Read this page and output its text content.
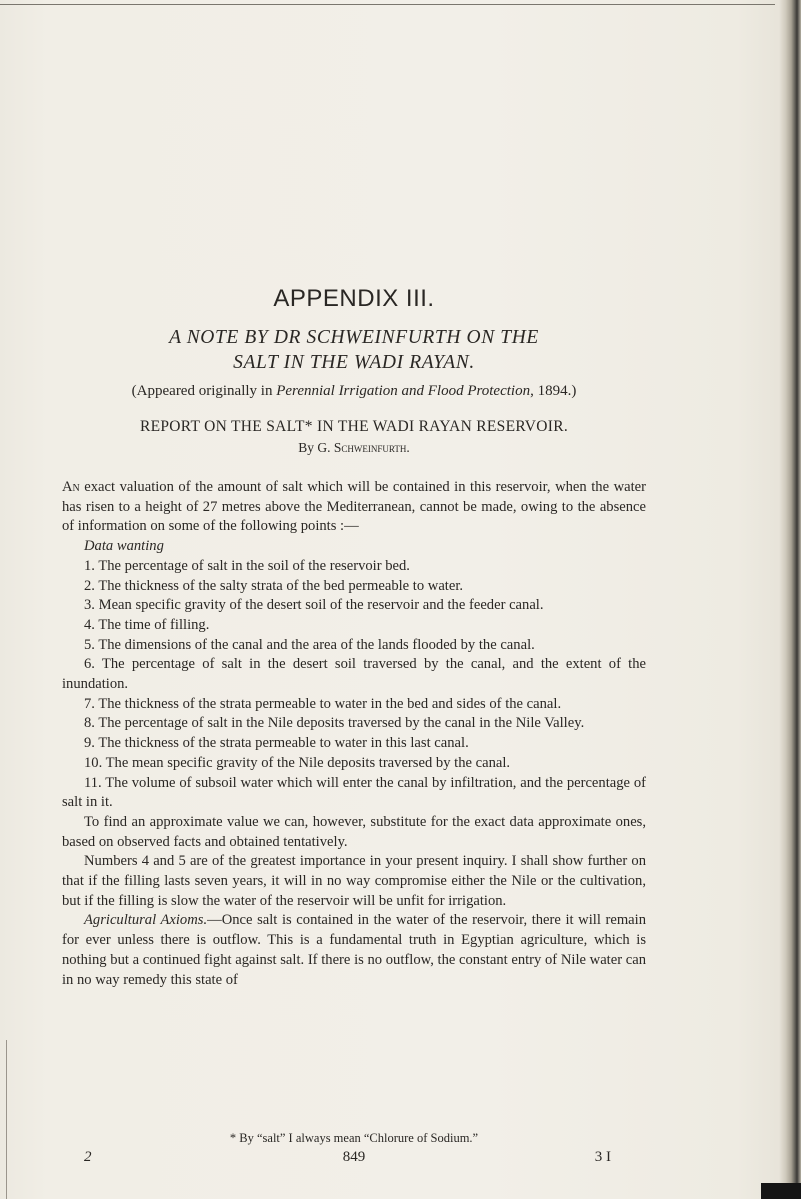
APPENDIX III.
A NOTE BY DR SCHWEINFURTH ON THE
SALT IN THE WADI RAYAN.
(Appeared originally in Perennial Irrigation and Flood Protection, 1894.)
REPORT ON THE SALT* IN THE WADI RAYAN RESERVOIR.
By G. Schweinfurth.

An exact valuation of the amount of salt which will be contained in this reservoir, when the water has risen to a height of 27 metres above the Mediterranean, cannot be made, owing to the absence of information on some of the following points :—

Data wanting

1. The percentage of salt in the soil of the reservoir bed.

2. The thickness of the salty strata of the bed permeable to water.

3. Mean specific gravity of the desert soil of the reservoir and the feeder canal.

4. The time of filling.

5. The dimensions of the canal and the area of the lands flooded by the canal.

6. The percentage of salt in the desert soil traversed by the canal, and the extent of the inundation.

7. The thickness of the strata permeable to water in the bed and sides of the canal.

8. The percentage of salt in the Nile deposits traversed by the canal in the Nile Valley.

9. The thickness of the strata permeable to water in this last canal.

10. The mean specific gravity of the Nile deposits traversed by the canal.

11. The volume of subsoil water which will enter the canal by infiltration, and the percentage of salt in it.

To find an approximate value we can, however, substitute for the exact data approximate ones, based on observed facts and obtained tentatively.

Numbers 4 and 5 are of the greatest importance in your present inquiry. I shall show further on that if the filling lasts seven years, it will in no way compromise either the Nile or the cultivation, but if the filling is slow the water of the reservoir will be unfit for irrigation.

Agricultural Axioms.—Once salt is contained in the water of the reservoir, there it will remain for ever unless there is outflow. This is a fundamental truth in Egyptian agriculture, which is nothing but a continued fight against salt. If there is no outflow, the constant entry of Nile water can in no way remedy this state of

* By “salt” I always mean “Chlorure of Sodium.”
2	849	3 I
